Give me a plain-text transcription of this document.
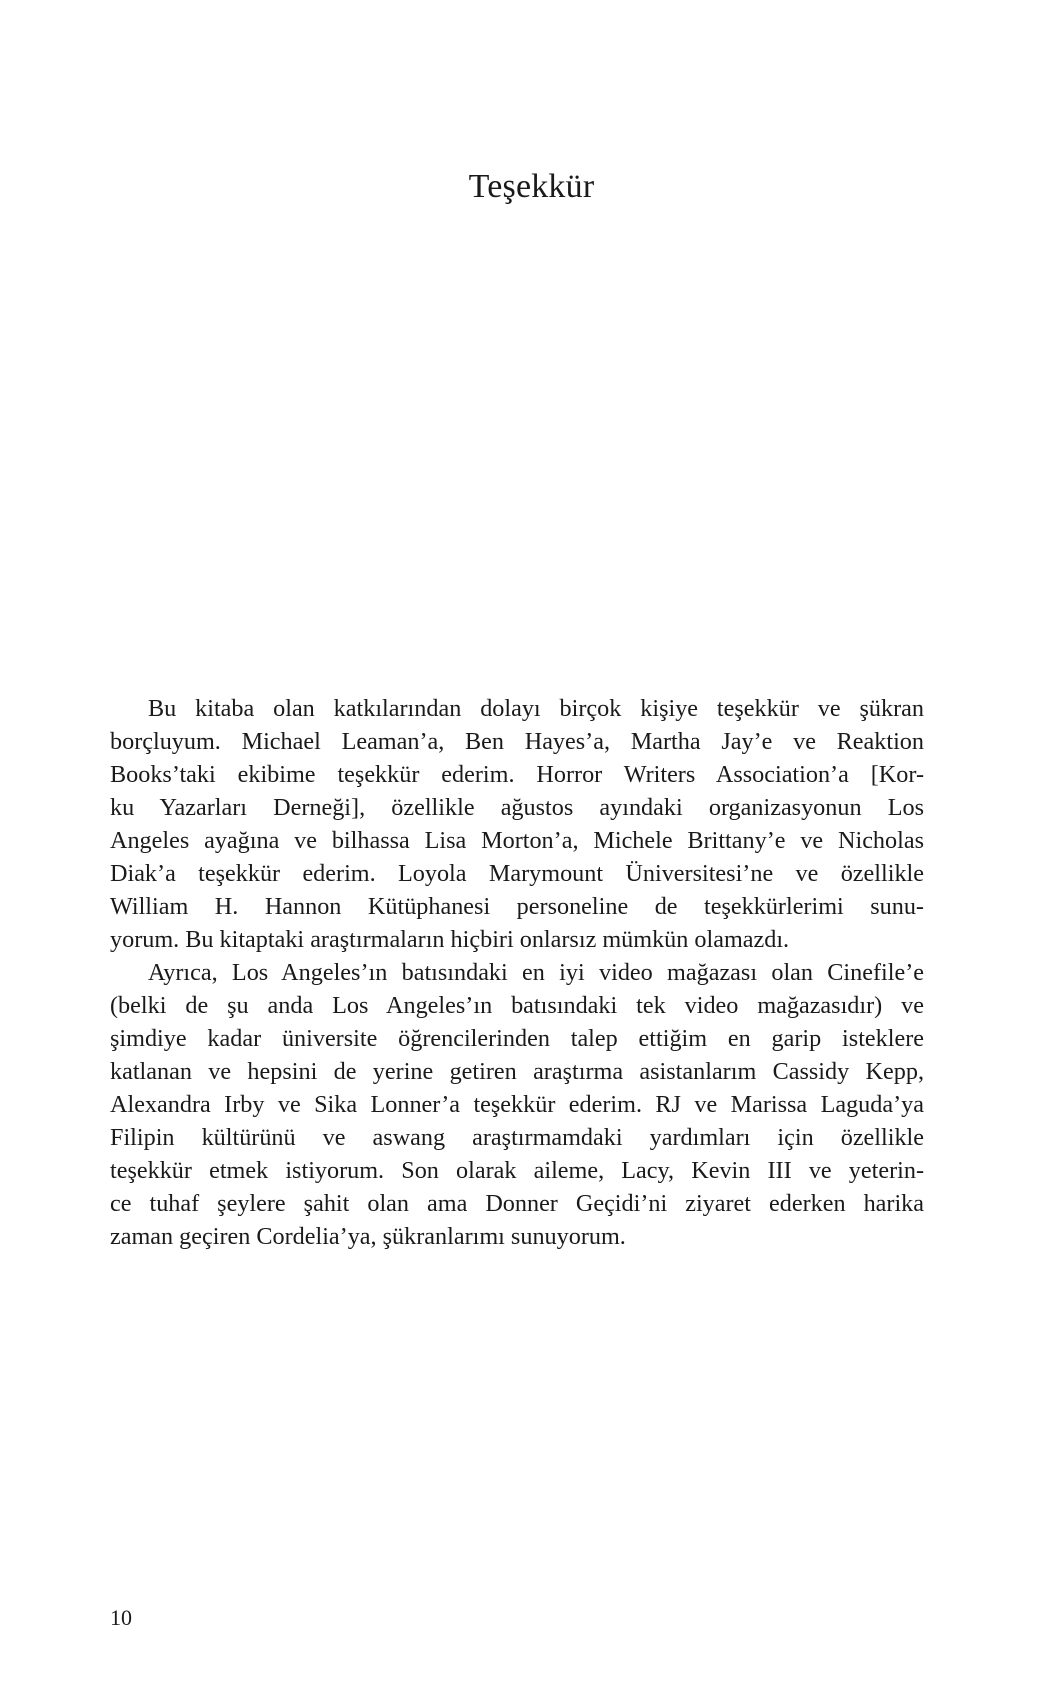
Teşekkür

Bu kitaba olan katkılarından dolayı birçok kişiye teşekkür ve şükran
borçluyum. Michael Leaman’a, Ben Hayes’a, Martha Jay’e ve Reaktion
Books’taki ekibime teşekkür ederim. Horror Writers Association’a [Kor-
ku Yazarları Derneği], özellikle ağustos ayındaki organizasyonun Los
Angeles ayağına ve bilhassa Lisa Morton’a, Michele Brittany’e ve Nicholas
Diak’a teşekkür ederim. Loyola Marymount Üniversitesi’ne ve özellikle
William H. Hannon Kütüphanesi personeline de teşekkürlerimi sunu-
yorum. Bu kitaptaki araştırmaların hiçbiri onlarsız mümkün olamazdı.

Ayrıca, Los Angeles’ın batısındaki en iyi video mağazası olan Cinefile’e
(belki de şu anda Los Angeles’ın batısındaki tek video mağazasıdır) ve
şimdiye kadar üniversite öğrencilerinden talep ettiğim en garip isteklere
katlanan ve hepsini de yerine getiren araştırma asistanlarım Cassidy Kepp,
Alexandra Irby ve Sika Lonner’a teşekkür ederim. RJ ve Marissa Laguda’ya
Filipin kültürünü ve aswang araştırmamdaki yardımları için özellikle
teşekkür etmek istiyorum. Son olarak aileme, Lacy, Kevin III ve yeterin-
ce tuhaf şeylere şahit olan ama Donner Geçidi’ni ziyaret ederken harika
zaman geçiren Cordelia’ya, şükranlarımı sunuyorum.

10
